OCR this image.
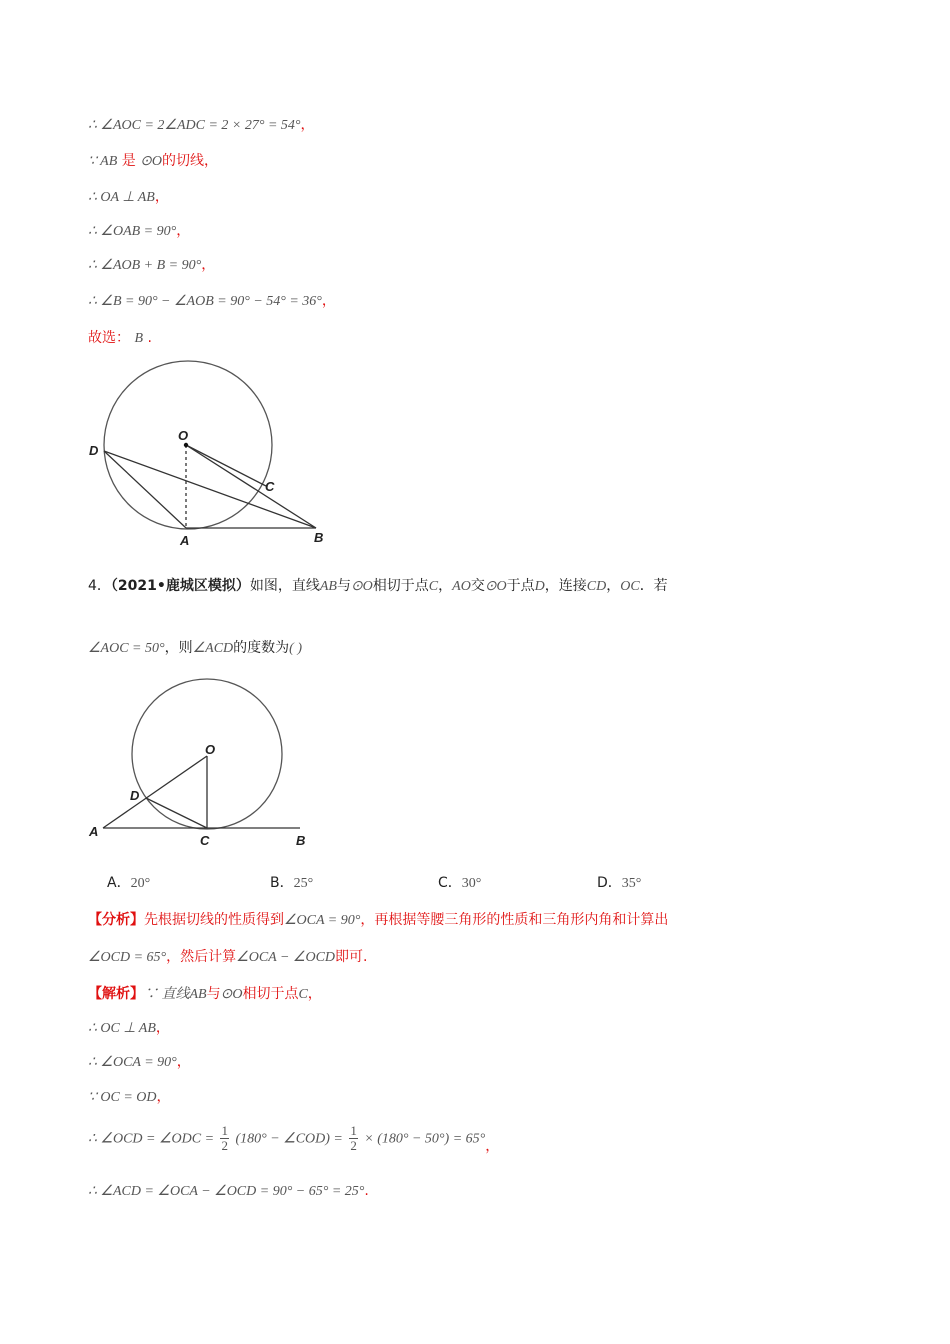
∴ ∠AOC = 2∠ADC = 2 × 27° = 54°，
∵ AB 是 ⊙O的切线，
∴ OA ⊥ AB，
∴ ∠OAB = 90°，
∴ ∠AOB + B = 90°，
∴ ∠B = 90° − ∠AOB = 90° − 54° = 36°，
故选： B .
O
D
C
A	B
4．（2021•鹿城区模拟）如图，直线AB与⊙O相切于点C，AO交⊙O于点D，连接CD，OC．若
∠AOC = 50°，则∠ACD的度数为( )
O
D
A
C	B
A．20°	B．25°	C．30°	D．35°
【分析】先根据切线的性质得到∠OCA = 90°，再根据等腰三角形的性质和三角形内角和计算出
∠OCD = 65°，然后计算∠OCA − ∠OCD即可.
【解析】∵ 直线AB与⊙O相切于点C，
∴ OC ⊥ AB，
∴ ∠OCA = 90°，
∵ OC = OD，
∴ ∠OCD = ∠ODC = $\frac{1}{2} (180^\circ$ − ∠COD) = $\frac{1}{2} \times (180^\circ - 50^\circ) = 65^\circ$，
∴ ∠ACD = ∠OCA − ∠OCD = 90° − 65° = 25°.
